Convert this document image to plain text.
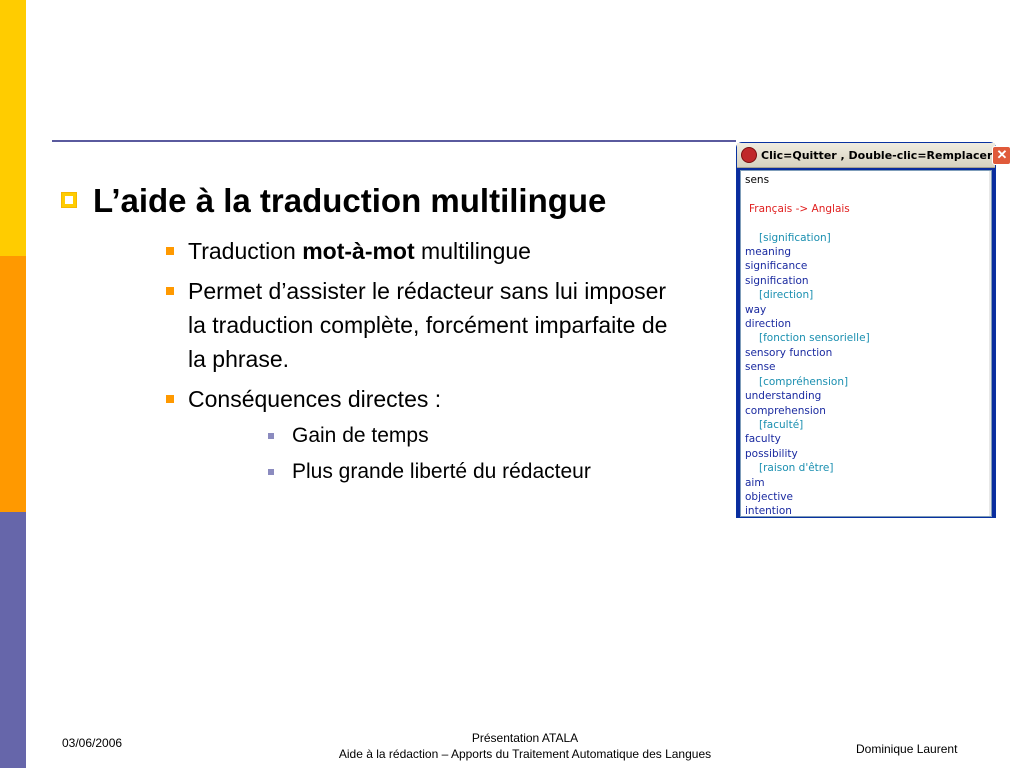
L’aide à la traduction multilingue
Traduction mot-à-mot multilingue
Permet d’assister le rédacteur sans lui imposer la traduction complète, forcément imparfaite de la phrase.
Conséquences directes :
Gain de temps
Plus grande liberté du rédacteur
Clic=Quitter , Double-clic=Remplacer ✕
sens

Français -> Anglais

[signification]
meaning
significance
signification
[direction]
way
direction
[fonction sensorielle]
sensory function
sense
[compréhension]
understanding
comprehension
[faculté]
faculty
possibility
[raison d'être]
aim
objective
intention
03/06/2006	Présentation ATALA
Aide à la rédaction – Apports du Traitement Automatique des Langues	Dominique Laurent
